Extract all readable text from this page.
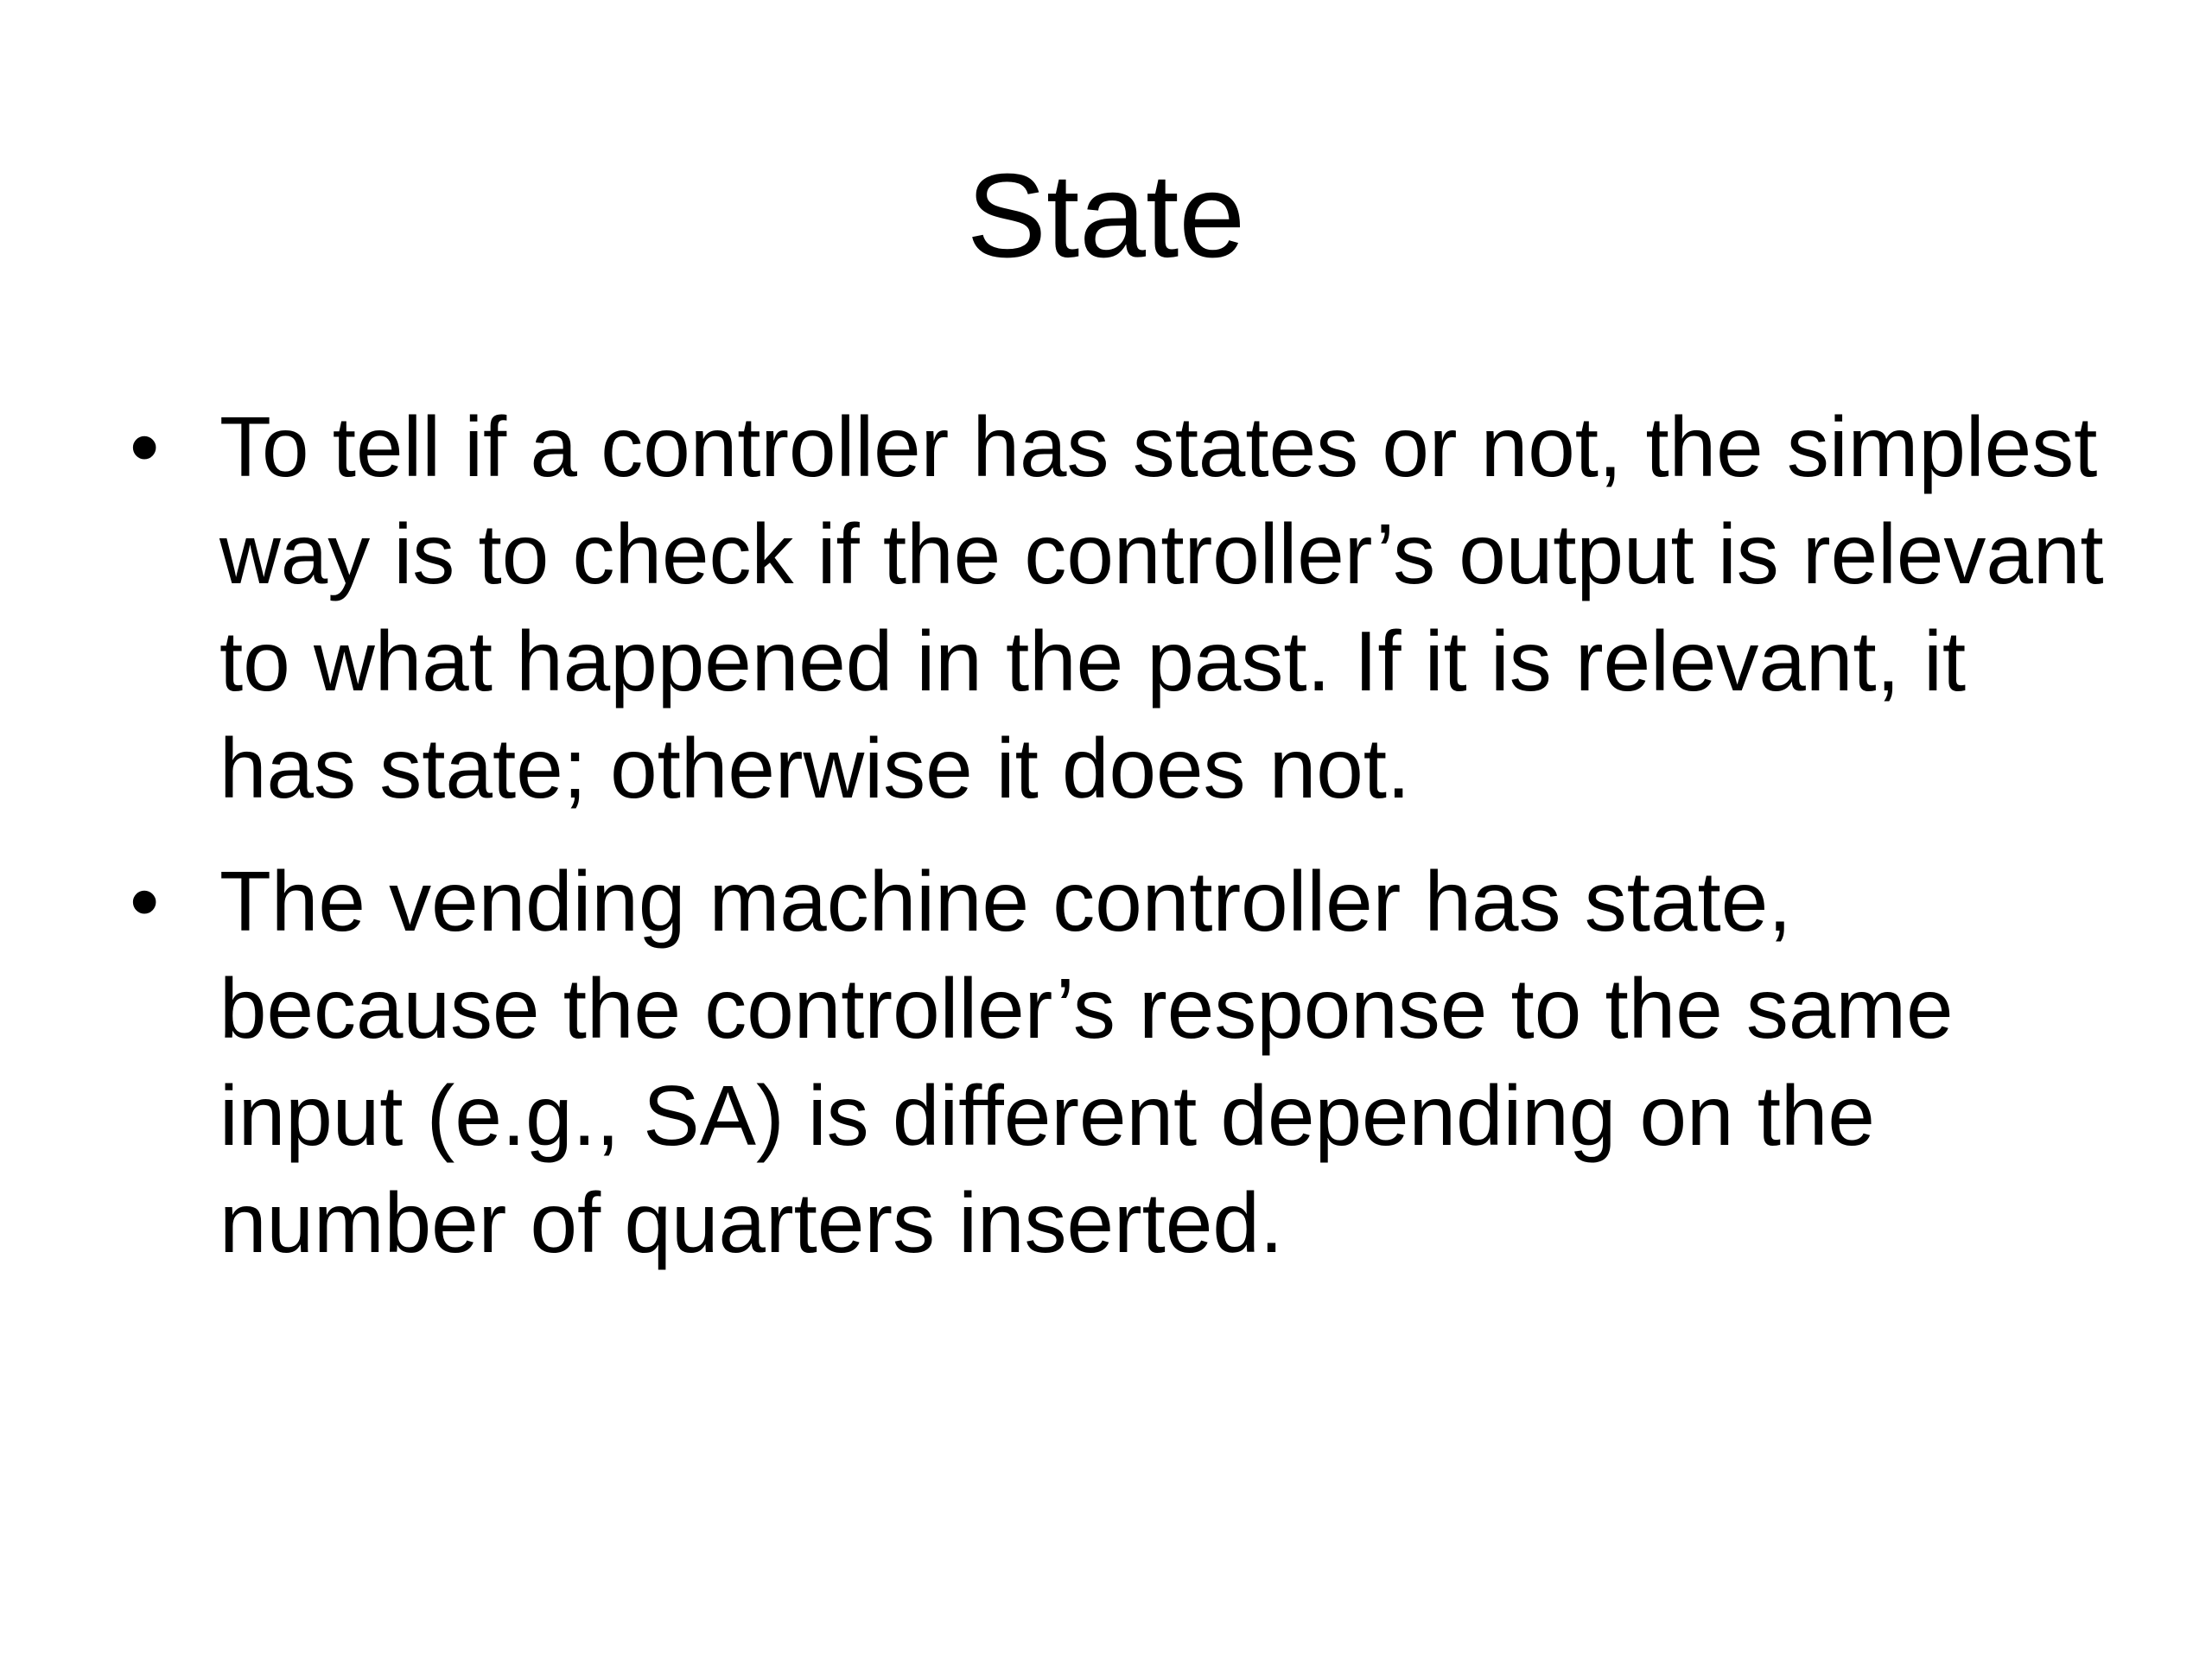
State
• To tell if a controller has states or not, the simplest way is to check if the controller’s output is relevant to what happened in the past. If it is relevant, it has state; otherwise it does not.
• The vending machine controller has state, because the controller’s response to the same input (e.g., SA) is different depending on the number of quarters inserted.
